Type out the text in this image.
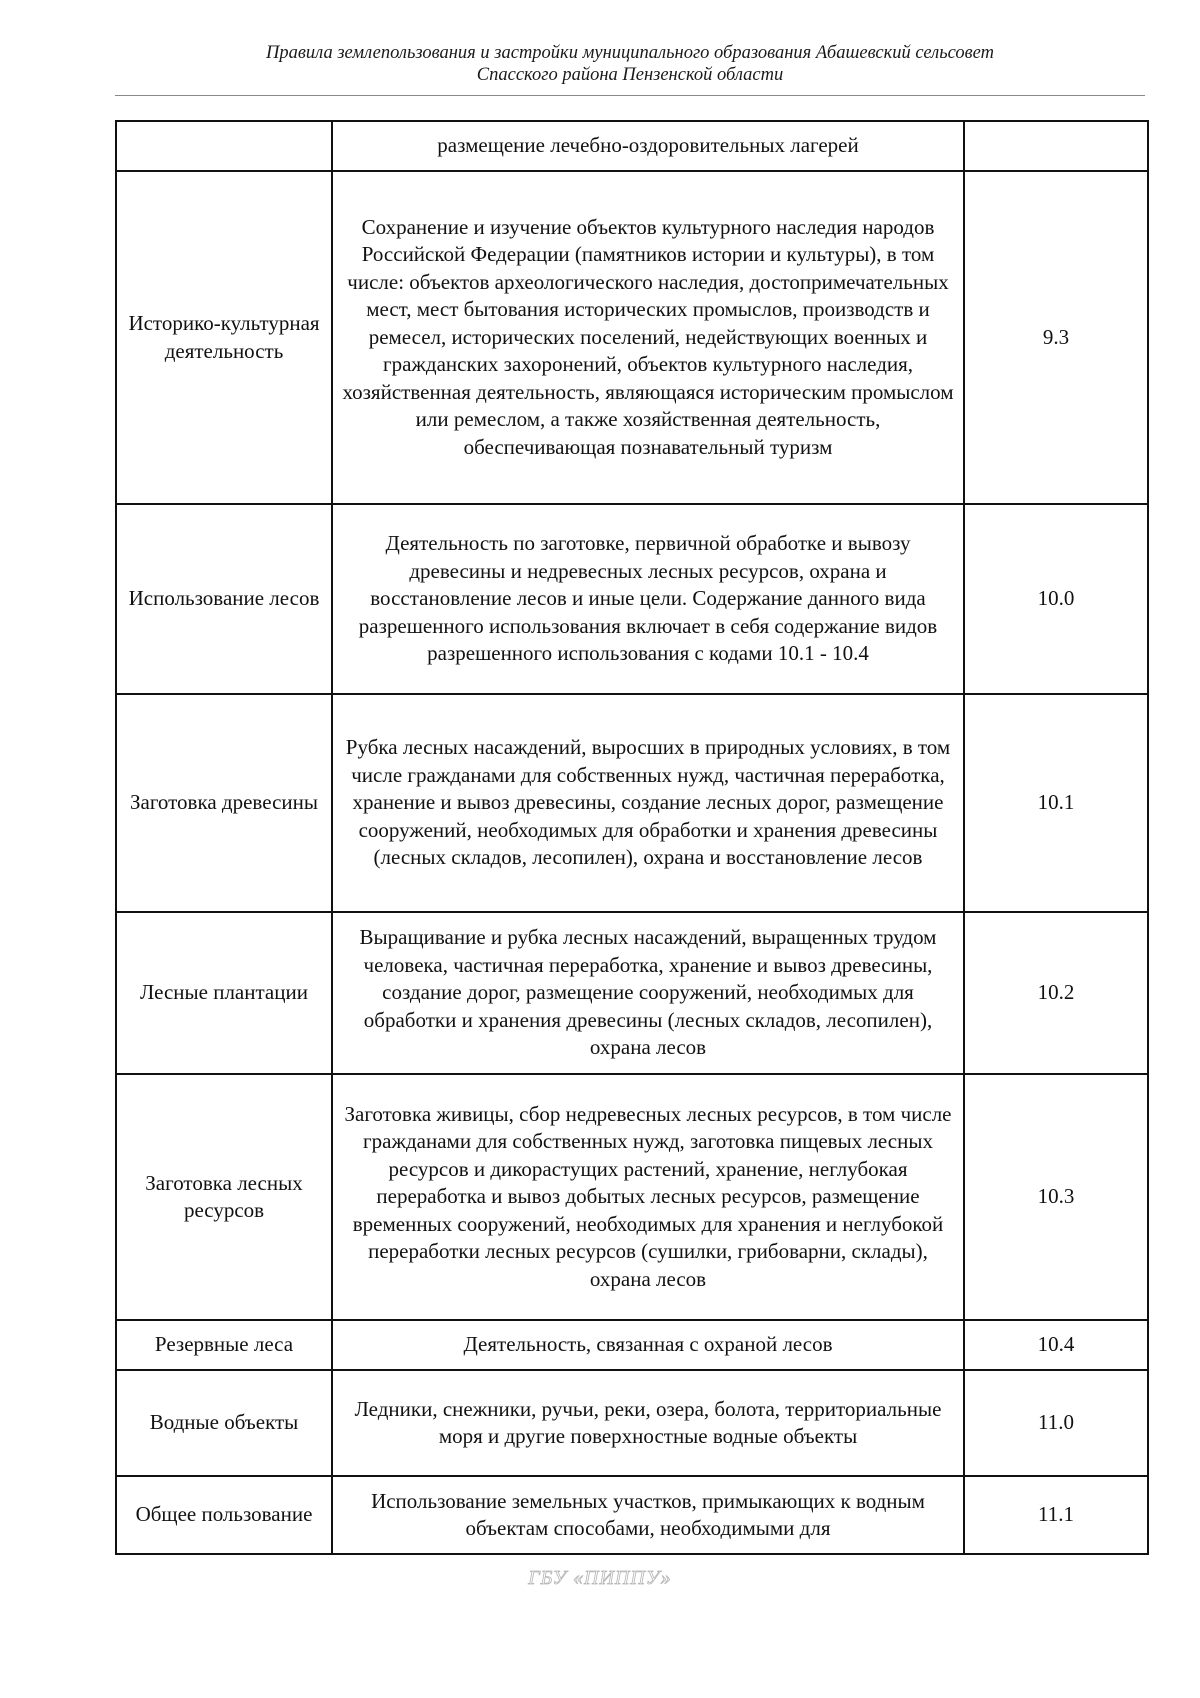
Правила землепользования и застройки муниципального образования Абашевский сельсовет
Спасского района Пензенской области
	размещение лечебно-оздоровительных лагерей	
Историко-культурная деятельность	Сохранение и изучение объектов культурного наследия народов Российской Федерации (памятников истории и культуры), в том числе: объектов археологического наследия, достопримечательных мест, мест бытования исторических промыслов, производств и ремесел, исторических поселений, недействующих военных и гражданских захоронений, объектов культурного наследия, хозяйственная деятельность, являющаяся историческим промыслом или ремеслом, а также хозяйственная деятельность, обеспечивающая познавательный туризм	9.3
Использование лесов	Деятельность по заготовке, первичной обработке и вывозу древесины и недревесных лесных ресурсов, охрана и восстановление лесов и иные цели. Содержание данного вида разрешенного использования включает в себя содержание видов разрешенного использования с кодами 10.1 - 10.4	10.0
Заготовка древесины	Рубка лесных насаждений, выросших в природных условиях, в том числе гражданами для собственных нужд, частичная переработка, хранение и вывоз древесины, создание лесных дорог, размещение сооружений, необходимых для обработки и хранения древесины (лесных складов, лесопилен), охрана и восстановление лесов	10.1
Лесные плантации	Выращивание и рубка лесных насаждений, выращенных трудом человека, частичная переработка, хранение и вывоз древесины, создание дорог, размещение сооружений, необходимых для обработки и хранения древесины (лесных складов, лесопилен), охрана лесов	10.2
Заготовка лесных ресурсов	Заготовка живицы, сбор недревесных лесных ресурсов, в том числе гражданами для собственных нужд, заготовка пищевых лесных ресурсов и дикорастущих растений, хранение, неглубокая переработка и вывоз добытых лесных ресурсов, размещение временных сооружений, необходимых для хранения и неглубокой переработки лесных ресурсов (сушилки, грибоварни, склады), охрана лесов	10.3
Резервные леса	Деятельность, связанная с охраной лесов	10.4
Водные объекты	Ледники, снежники, ручьи, реки, озера, болота, территориальные моря и другие поверхностные водные объекты	11.0
Общее пользование	Использование земельных участков, примыкающих к водным объектам способами, необходимыми для	11.1
ГБУ «ПИППУ»
